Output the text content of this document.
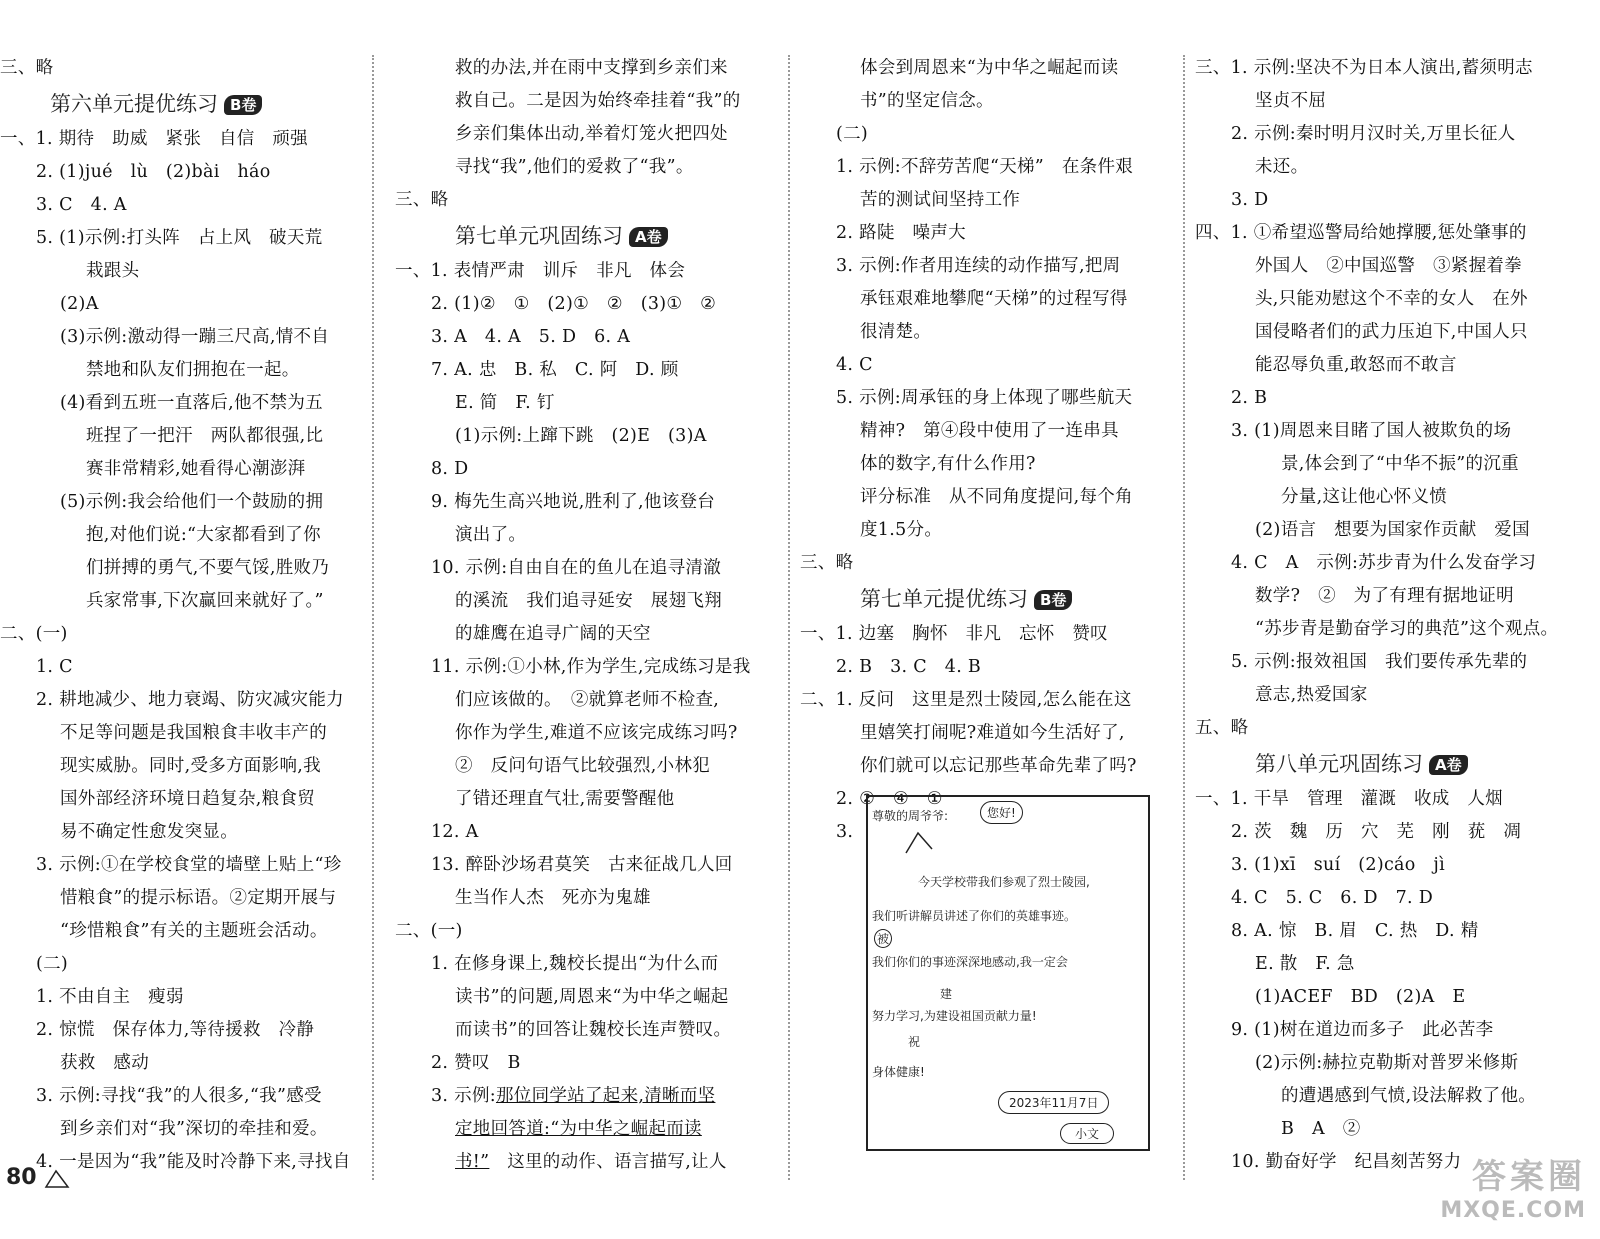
三、略
第六单元提优练习 B卷
一、1. 期待　助威　紧张　自信　顽强
2. (1)jué　lù　(2)bài　háo
3. C　4. A
5. (1)示例:打头阵　占上风　破天荒
栽跟头
(2)A
(3)示例:激动得一蹦三尺高,情不自
禁地和队友们拥抱在一起。
(4)看到五班一直落后,他不禁为五
班捏了一把汗　两队都很强,比
赛非常精彩,她看得心潮澎湃
(5)示例:我会给他们一个鼓励的拥
抱,对他们说:“大家都看到了你
们拼搏的勇气,不要气馁,胜败乃
兵家常事,下次赢回来就好了。”
二、(一)
1. C
2. 耕地减少、地力衰竭、防灾减灾能力
不足等问题是我国粮食丰收丰产的
现实威胁。同时,受多方面影响,我
国外部经济环境日趋复杂,粮食贸
易不确定性愈发突显。
3. 示例:①在学校食堂的墙壁上贴上“珍
惜粮食”的提示标语。②定期开展与
“珍惜粮食”有关的主题班会活动。
(二)
1. 不由自主　瘦弱
2. 惊慌　保存体力,等待援救　冷静
获救　感动
3. 示例:寻找“我”的人很多,“我”感受
到乡亲们对“我”深切的牵挂和爱。
4. 一是因为“我”能及时冷静下来,寻找自
救的办法,并在雨中支撑到乡亲们来
救自己。二是因为始终牵挂着“我”的
乡亲们集体出动,举着灯笼火把四处
寻找“我”,他们的爱救了“我”。
三、略
第七单元巩固练习 A卷
一、1. 表情严肃　训斥　非凡　体会
2. (1)②　①　(2)①　②　(3)①　②
3. A　4. A　5. D　6. A
7. A. 忠　B. 私　C. 阿　D. 顾
E. 简　F. 钉
(1)示例:上蹿下跳　(2)E　(3)A
8. D
9. 梅先生高兴地说,胜利了,他该登台
演出了。
10. 示例:自由自在的鱼儿在追寻清澈
的溪流　我们追寻延安　展翅飞翔
的雄鹰在追寻广阔的天空
11. 示例:①小林,作为学生,完成练习是我
们应该做的。　②就算老师不检查,
你作为学生,难道不应该完成练习吗?
②　反问句语气比较强烈,小林犯
了错还理直气壮,需要警醒他
12. A
13. 醉卧沙场君莫笑　古来征战几人回
生当作人杰　死亦为鬼雄
二、(一)
1. 在修身课上,魏校长提出“为什么而
读书”的问题,周恩来“为中华之崛起
而读书”的回答让魏校长连声赞叹。
2. 赞叹　B
3. 示例:那位同学站了起来,清晰而坚
定地回答道:“为中华之崛起而读
书!”　这里的动作、语言描写,让人
体会到周恩来“为中华之崛起而读
书”的坚定信念。
(二)
1. 示例:不辞劳苦爬“天梯”　在条件艰
苦的测试间坚持工作
2. 路陡　噪声大
3. 示例:作者用连续的动作描写,把周
承钰艰难地攀爬“天梯”的过程写得
很清楚。
4. C
5. 示例:周承钰的身上体现了哪些航天
精神?　第④段中使用了一连串具
体的数字,有什么作用?
评分标准　从不同角度提问,每个角
度1.5分。
三、略
第七单元提优练习 B卷
一、1. 边塞　胸怀　非凡　忘怀　赞叹
2. B　3. C　4. B
二、1. 反问　这里是烈士陵园,怎么能在这
里嬉笑打闹呢?难道如今生活好了,
你们就可以忘记那些革命先辈了吗?
2. ②　④　①
3.
尊敬的周爷爷:	您好!
今天学校带我们参观了烈士陵园,
我们听讲解员讲述了你们的英雄事迹。
被
我们你们的事迹深深地感动,我一定会
建
努力学习,为建设祖国贡献力量!
祝
身体健康!
2023年11月7日
小文
三、1. 示例:坚决不为日本人演出,蓄须明志
坚贞不屈
2. 示例:秦时明月汉时关,万里长征人
未还。
3. D
四、1. ①希望巡警局给她撑腰,惩处肇事的
外国人　②中国巡警　③紧握着拳
头,只能劝慰这个不幸的女人　在外
国侵略者们的武力压迫下,中国人只
能忍辱负重,敢怒而不敢言
2. B
3. (1)周恩来目睹了国人被欺负的场
景,体会到了“中华不振”的沉重
分量,这让他心怀义愤
(2)语言　想要为国家作贡献　爱国
4. C　A　示例:苏步青为什么发奋学习
数学?　②　为了有理有据地证明
“苏步青是勤奋学习的典范”这个观点。
5. 示例:报效祖国　我们要传承先辈的
意志,热爱国家
五、略
第八单元巩固练习 A卷
一、1. 干旱　管理　灌溉　收成　人烟
2. 茨　魏　历　穴　芜　刚　莸　凋
3. (1)xī　suí　(2)cáo　jì
4. C　5. C　6. D　7. D
8. A. 惊　B. 眉　C. 热　D. 精
E. 散　F. 急
(1)ACEF　BD　(2)A　E
9. (1)树在道边而多子　此必苦李
(2)示例:赫拉克勒斯对普罗米修斯
的遭遇感到气愤,设法解救了他。
B　A　②
10. 勤奋好学　纪昌刻苦努力
80	答案圈
MXQE.COM
